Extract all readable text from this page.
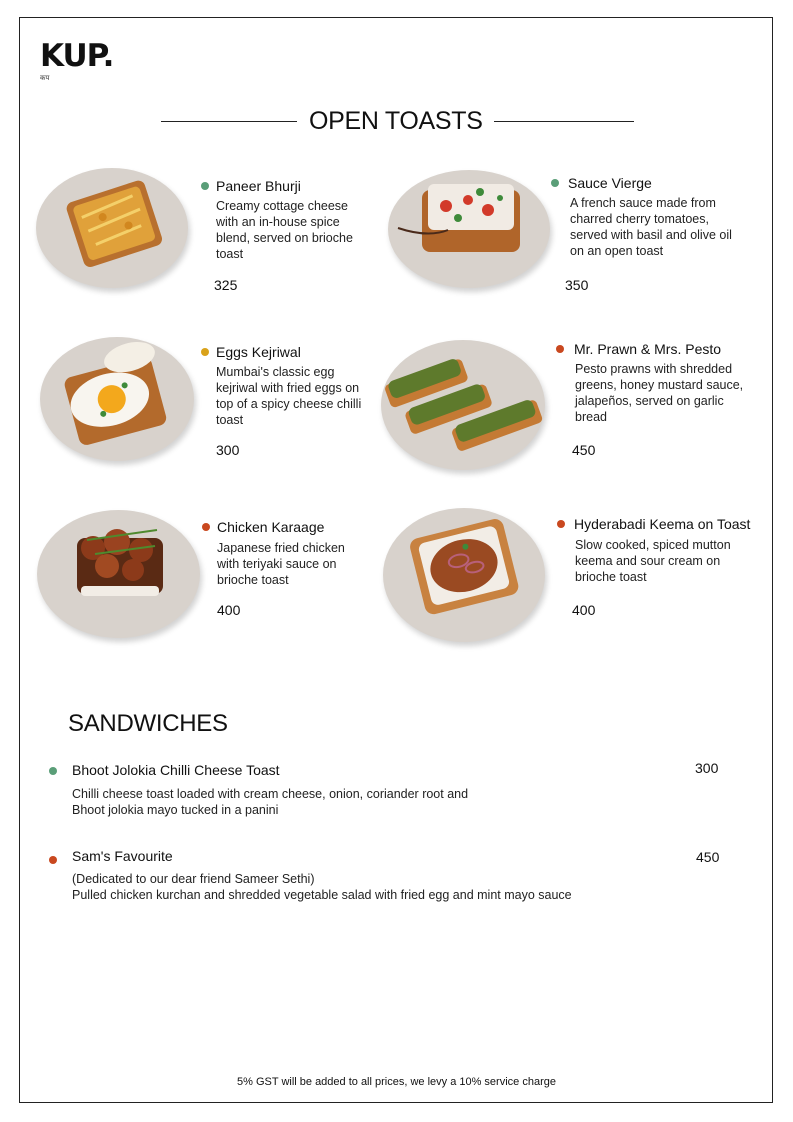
KUP.
कप
OPEN TOASTS
Paneer Bhurji
Creamy cottage cheese with an in-house spice blend, served on brioche toast
325
Sauce Vierge
A french sauce made from charred cherry tomatoes, served with basil and olive oil on an open toast
350
Eggs Kejriwal
Mumbai's classic egg kejriwal with fried eggs on top of a spicy cheese chilli toast
300
Mr. Prawn & Mrs. Pesto
Pesto prawns with shredded greens, honey mustard sauce, jalapeños, served on garlic bread
450
Chicken Karaage
Japanese fried chicken with teriyaki sauce on brioche toast
400
Hyderabadi Keema on Toast
Slow cooked, spiced mutton keema and sour cream on brioche toast
400
SANDWICHES
Bhoot Jolokia Chilli Cheese Toast	300
Chilli cheese toast loaded with cream cheese, onion, coriander root and
Bhoot jolokia mayo tucked in a panini
Sam's Favourite	450
(Dedicated to our dear friend Sameer Sethi)
Pulled chicken kurchan and shredded vegetable salad with fried egg and mint mayo sauce
5% GST will be added to all prices, we levy a 10% service charge
